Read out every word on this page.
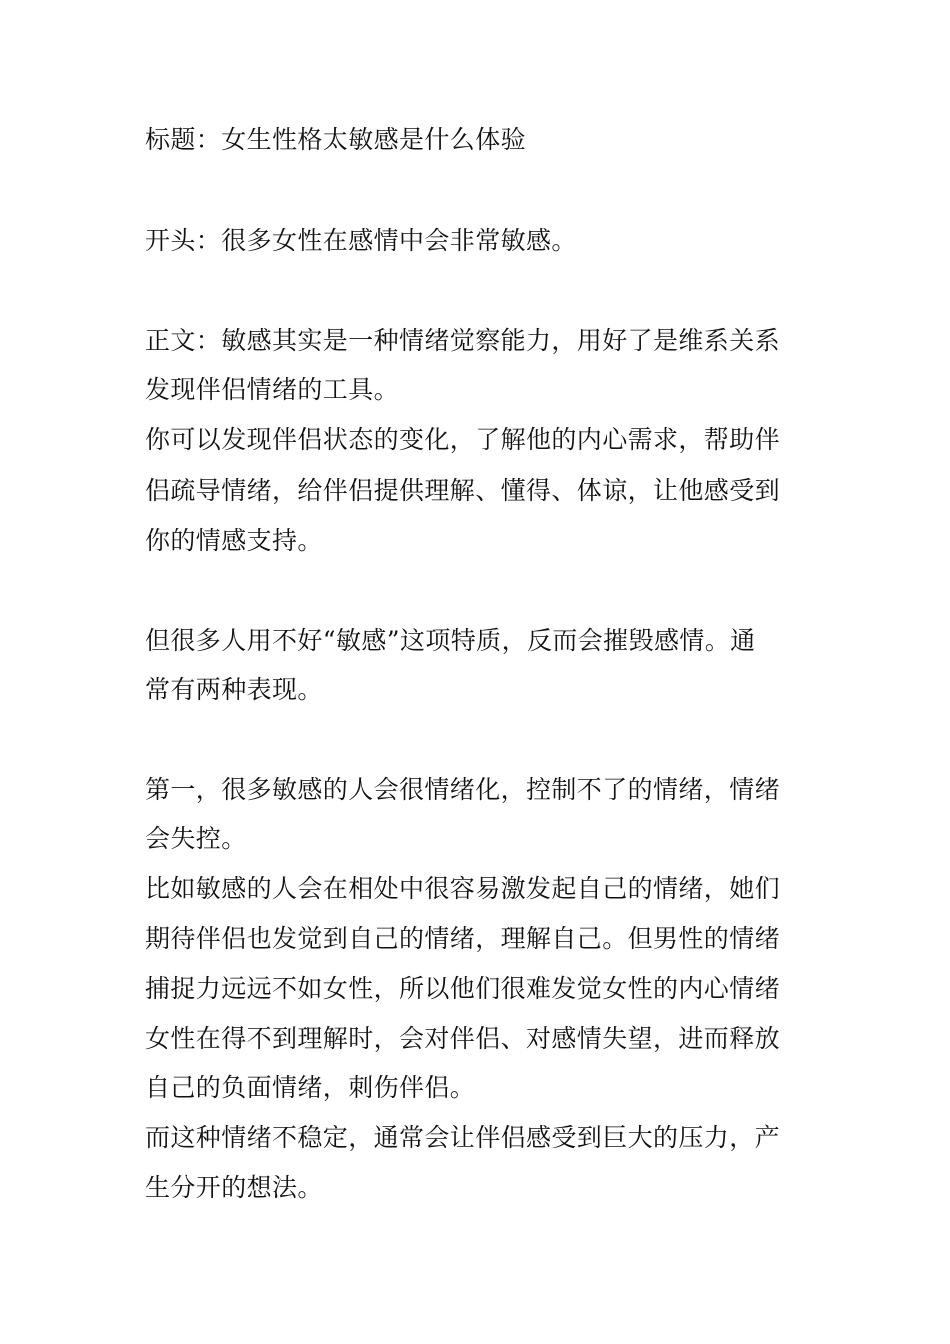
标题：女生性格太敏感是什么体验

开头：很多女性在感情中会非常敏感。

正文：敏感其实是一种情绪觉察能力，用好了是维系关系

发现伴侣情绪的工具。

你可以发现伴侣状态的变化，了解他的内心需求，帮助伴

侣疏导情绪，给伴侣提供理解、懂得、体谅，让他感受到

你的情感支持。

但很多人用不好“敏感”这项特质，反而会摧毁感情。通

常有两种表现。

第一，很多敏感的人会很情绪化，控制不了的情绪，情绪

会失控。

比如敏感的人会在相处中很容易激发起自己的情绪，她们

期待伴侣也发觉到自己的情绪，理解自己。但男性的情绪

捕捉力远远不如女性，所以他们很难发觉女性的内心情绪

女性在得不到理解时，会对伴侣、对感情失望，进而释放

自己的负面情绪，刺伤伴侣。

而这种情绪不稳定，通常会让伴侣感受到巨大的压力，产

生分开的想法。
